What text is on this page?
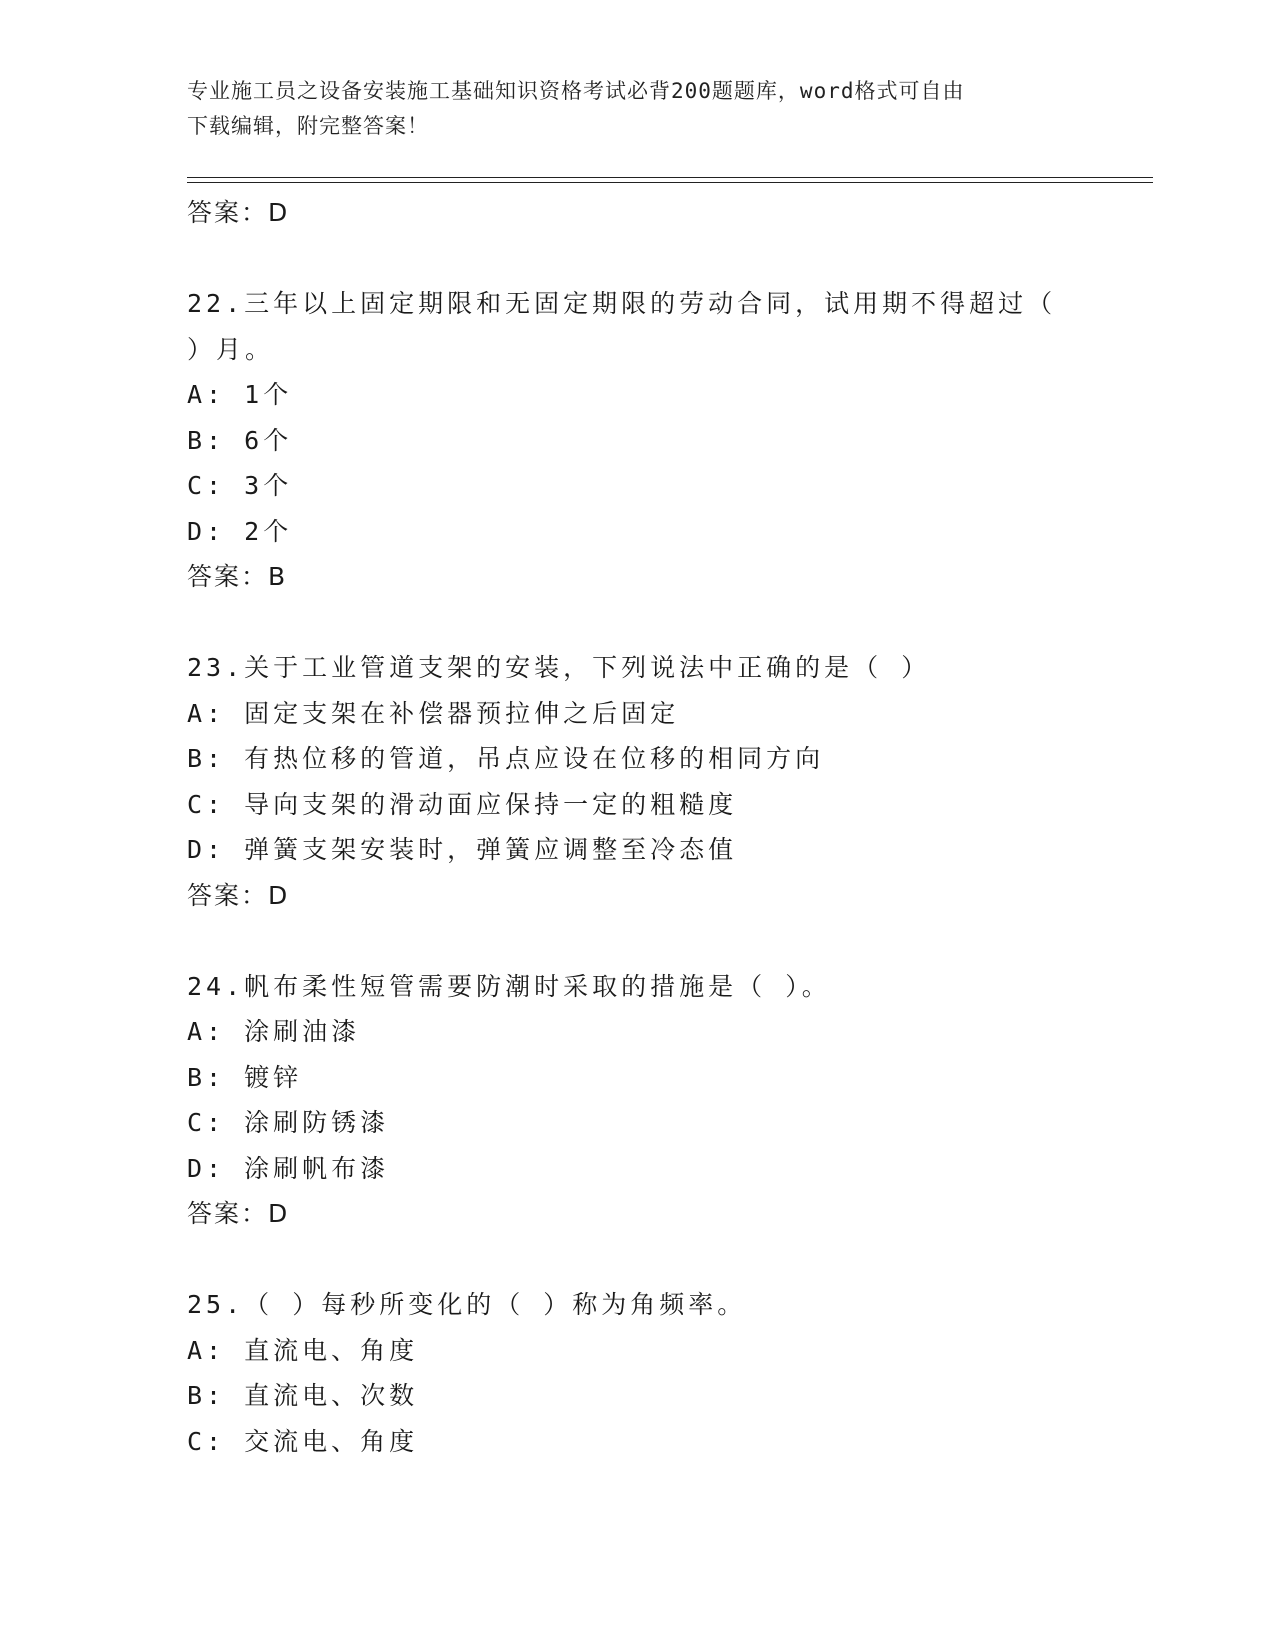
专业施工员之设备安装施工基础知识资格考试必背200题题库，word格式可自由
下载编辑，附完整答案！
答案：D
22.三年以上固定期限和无固定期限的劳动合同，试用期不得超过（
）月。
A: 1个
B: 6个
C: 3个
D: 2个
答案：B
23.关于工业管道支架的安装，下列说法中正确的是（ ）
A: 固定支架在补偿器预拉伸之后固定
B: 有热位移的管道，吊点应设在位移的相同方向
C: 导向支架的滑动面应保持一定的粗糙度
D: 弹簧支架安装时，弹簧应调整至冷态值
答案：D
24.帆布柔性短管需要防潮时采取的措施是（ ）。
A: 涂刷油漆
B: 镀锌
C: 涂刷防锈漆
D: 涂刷帆布漆
答案：D
25.（ ）每秒所变化的（ ）称为角频率。
A: 直流电、角度
B: 直流电、次数
C: 交流电、角度
